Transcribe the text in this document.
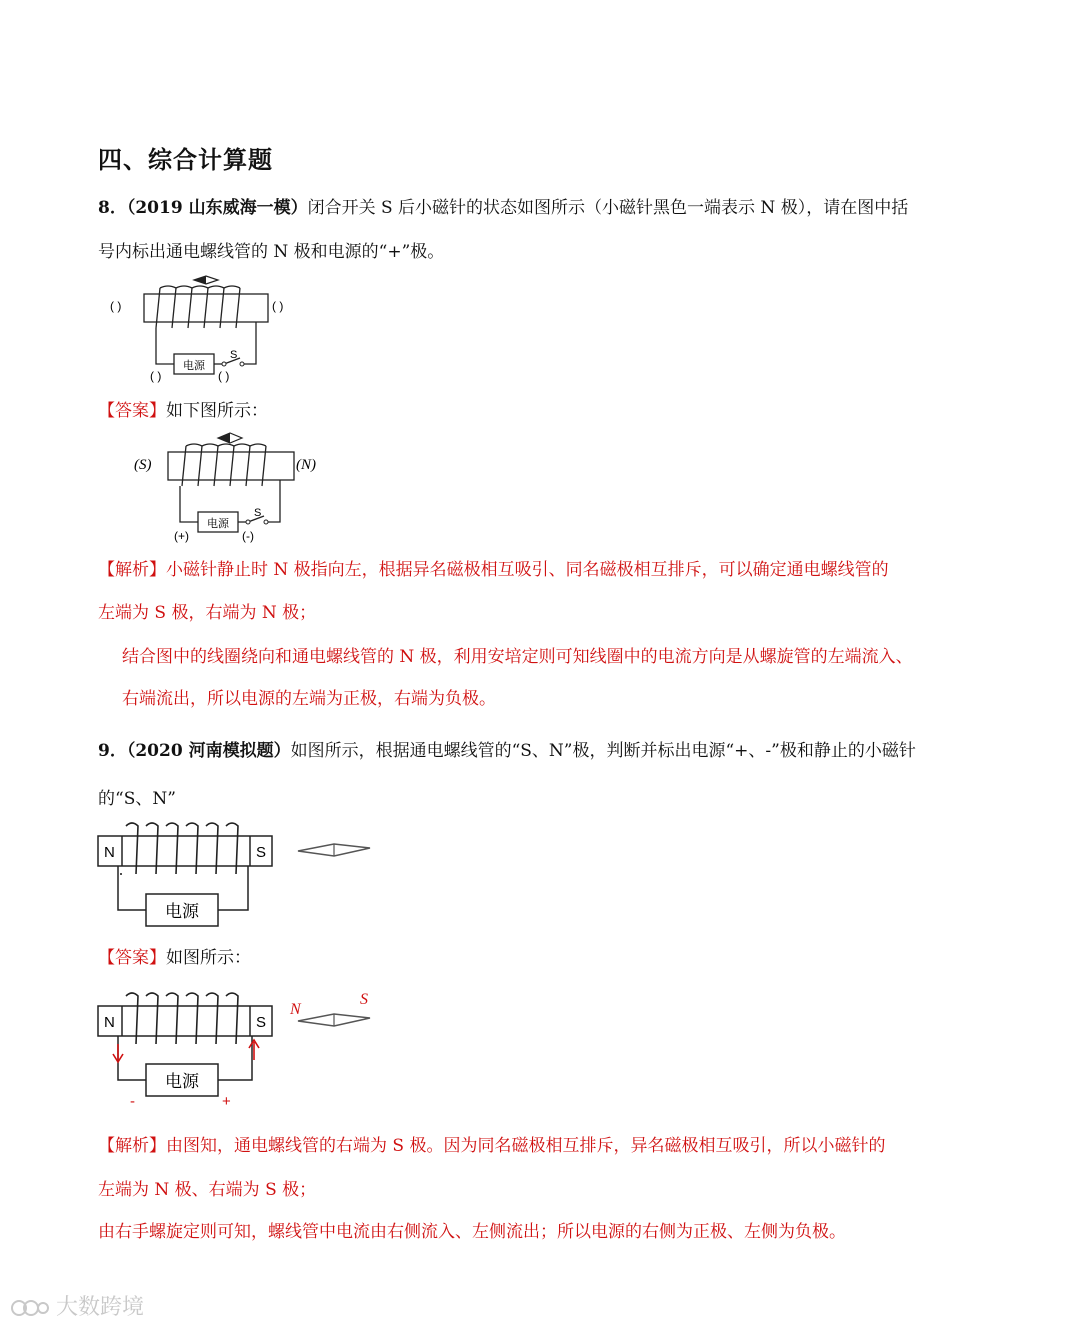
四、综合计算题
8．（2019 山东威海一模）闭合开关 S 后小磁针的状态如图所示（小磁针黑色一端表示 N 极），请在图中括
号内标出通电螺线管的 N 极和电源的“+”极。
电源
S
( )	( )
( )	( )
【答案】如下图所示：
电源
S
(S)	(N)
(+)	(-)
【解析】小磁针静止时 N 极指向左，根据异名磁极相互吸引、同名磁极相互排斥，可以确定通电螺线管的
左端为 S 极，右端为 N 极；
结合图中的线圈绕向和通电螺线管的 N 极，利用安培定则可知线圈中的电流方向是从螺旋管的左端流入、
右端流出，所以电源的左端为正极，右端为负极。
9．（2020 河南模拟题）如图所示，根据通电螺线管的“S、N”极，判断并标出电源“+、-”极和静止的小磁针
的“S、N”
电源
N	S
【答案】如图所示：
电源
N	S
-	+
N
S
【解析】由图知，通电螺线管的右端为 S 极。因为同名磁极相互排斥，异名磁极相互吸引，所以小磁针的
左端为 N 极、右端为 S 极；
由右手螺旋定则可知，螺线管中电流由右侧流入、左侧流出；所以电源的右侧为正极、左侧为负极。
大数跨境
